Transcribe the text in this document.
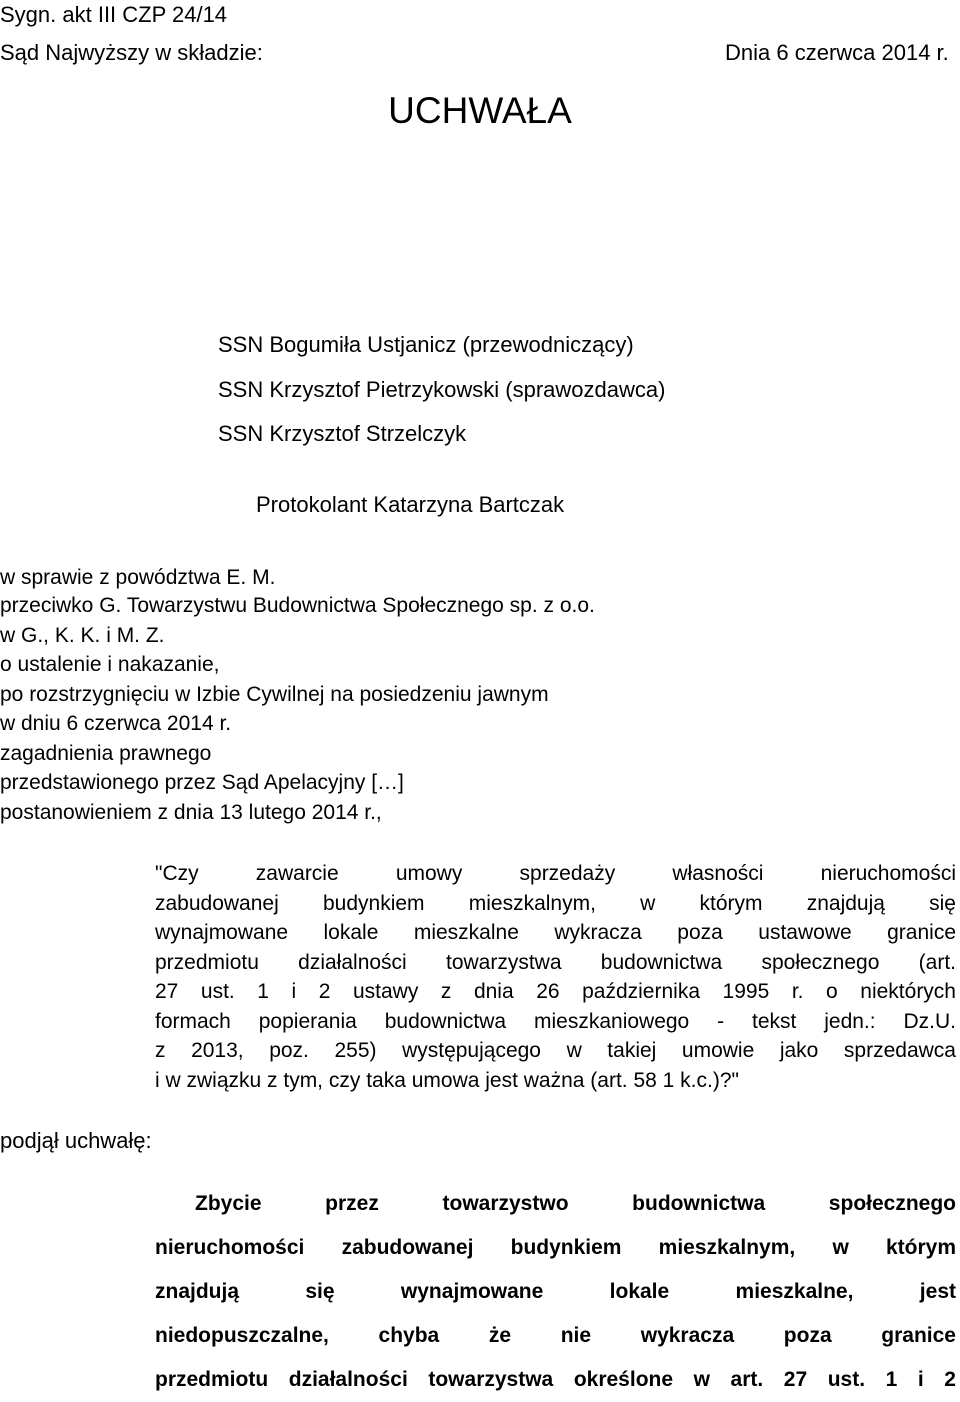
Sygn. akt III CZP 24/14
UCHWAŁA
Dnia 6 czerwca 2014 r.
Sąd Najwyższy w składzie:
SSN Bogumiła Ustjanicz (przewodniczący)
SSN Krzysztof Pietrzykowski (sprawozdawca)
SSN Krzysztof Strzelczyk
Protokolant Katarzyna Bartczak
w sprawie z powództwa E. M.
przeciwko G. Towarzystwu Budownictwa Społecznego sp. z o.o.
w G., K. K. i M. Z.
o ustalenie i nakazanie,
po rozstrzygnięciu w Izbie Cywilnej na posiedzeniu jawnym
w dniu 6 czerwca 2014 r.
zagadnienia prawnego
przedstawionego przez Sąd Apelacyjny […]
postanowieniem z dnia 13 lutego 2014 r.,
"Czy zawarcie umowy sprzedaży własności nieruchomości
zabudowanej budynkiem mieszkalnym, w którym znajdują się
wynajmowane lokale mieszkalne wykracza poza ustawowe granice
przedmiotu działalności towarzystwa budownictwa społecznego (art.
27 ust. 1 i 2 ustawy z dnia 26 października 1995 r. o niektórych
formach popierania budownictwa mieszkaniowego - tekst jedn.: Dz.U.
z 2013, poz. 255) występującego w takiej umowie jako sprzedawca
i w związku z tym, czy taka umowa jest ważna (art. 58 1 k.c.)?"
podjął uchwałę:
Zbycie przez towarzystwo budownictwa społecznego
nieruchomości zabudowanej budynkiem mieszkalnym, w którym
znajdują się wynajmowane lokale mieszkalne, jest
niedopuszczalne, chyba że nie wykracza poza granice
przedmiotu działalności towarzystwa określone w art. 27 ust. 1 i 2
